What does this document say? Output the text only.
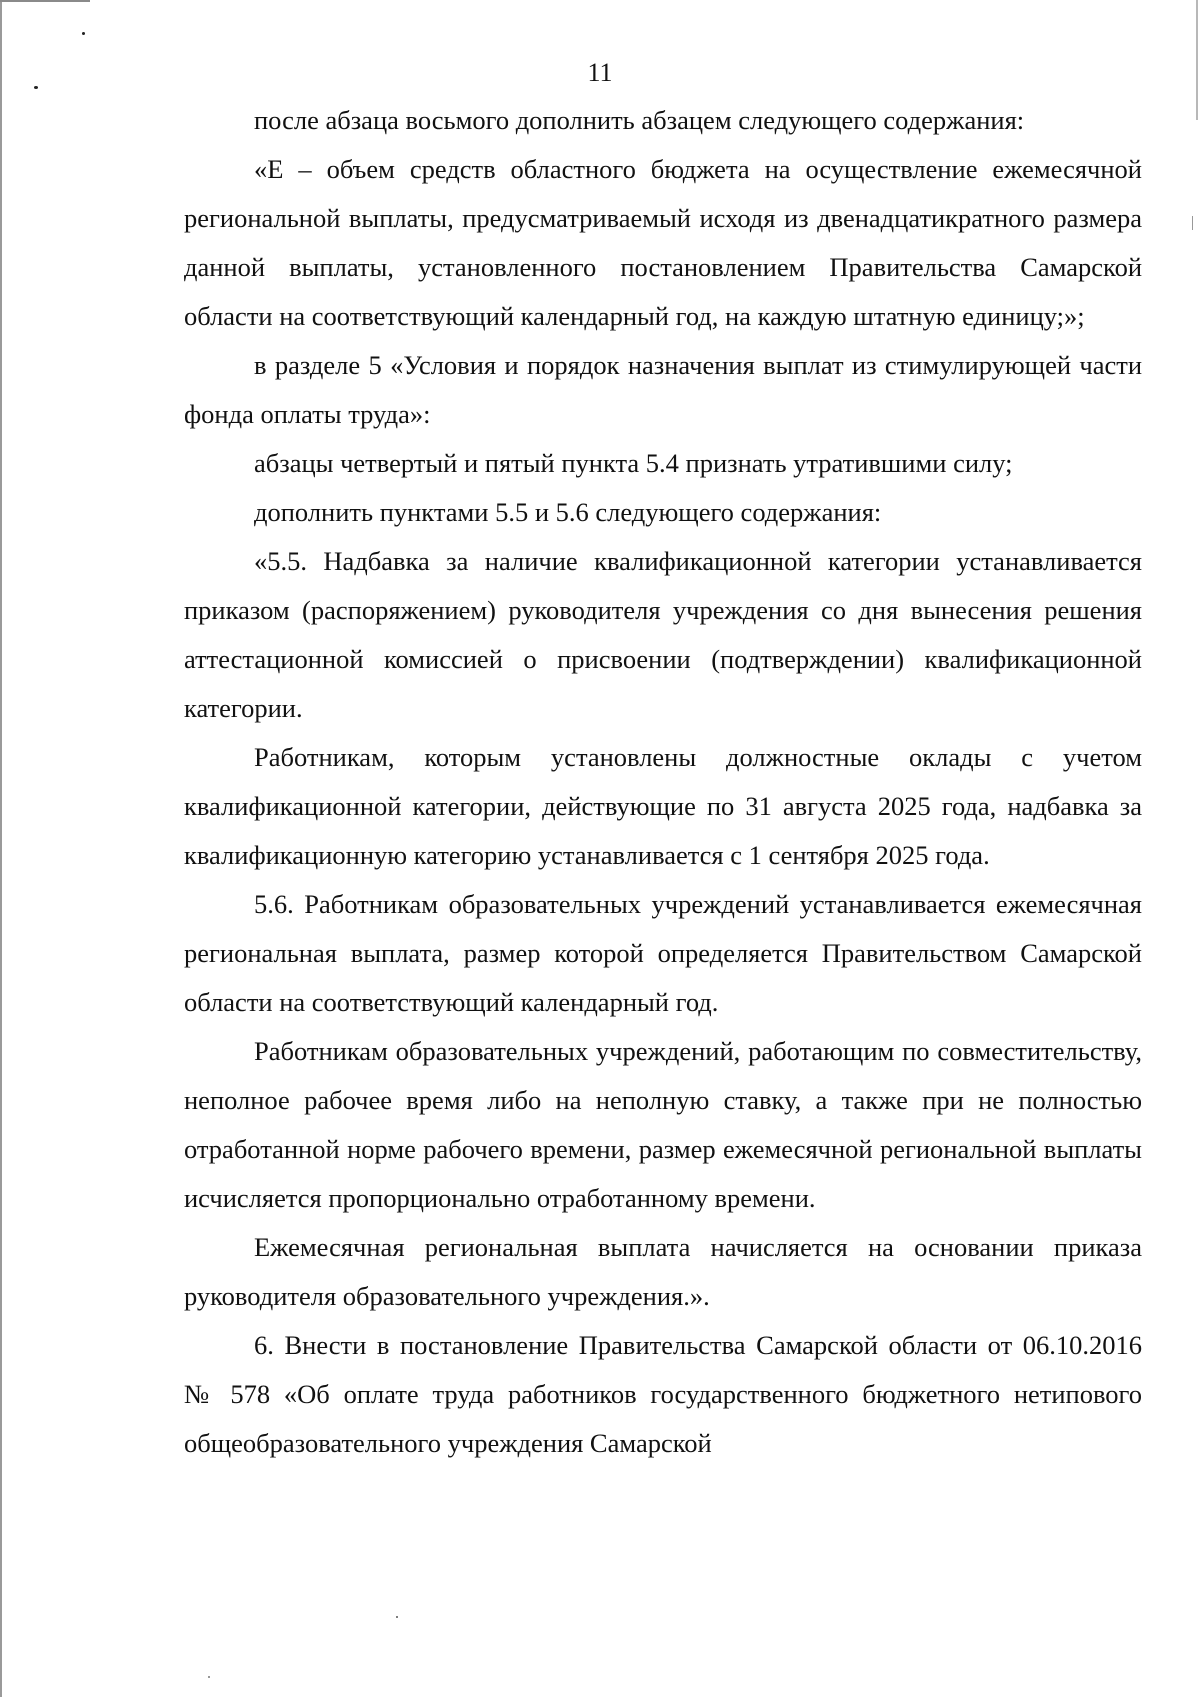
11

после абзаца восьмого дополнить абзацем следующего содержания:

«Е – объем средств областного бюджета на осуществление ежемесячной региональной выплаты, предусматриваемый исходя из двенадцатикратного размера данной выплаты, установленного постановлением Правительства Самарской области на соответствующий календарный год, на каждую штатную единицу;»;

в разделе 5 «Условия и порядок назначения выплат из стимулирующей части фонда оплаты труда»:

абзацы четвертый и пятый пункта 5.4 признать утратившими силу;

дополнить пунктами 5.5 и 5.6 следующего содержания:

«5.5. Надбавка за наличие квалификационной категории устанавливается приказом (распоряжением) руководителя учреждения со дня вынесения решения аттестационной комиссией о присвоении (подтверждении) квалификационной категории.

Работникам, которым установлены должностные оклады с учетом квалификационной категории, действующие по 31 августа 2025 года, надбавка за квалификационную категорию устанавливается с 1 сентября 2025 года.

5.6. Работникам образовательных учреждений устанавливается ежемесячная региональная выплата, размер которой определяется Правительством Самарской области на соответствующий календарный год.

Работникам образовательных учреждений, работающим по совместительству, неполное рабочее время либо на неполную ставку, а также при не полностью отработанной норме рабочего времени, размер ежемесячной региональной выплаты исчисляется пропорционально отработанному времени.

Ежемесячная региональная выплата начисляется на основании приказа руководителя образовательного учреждения.».

6. Внести в постановление Правительства Самарской области от 06.10.2016 № 578 «Об оплате труда работников государственного бюджетного нетипового общеобразовательного учреждения Самарской
